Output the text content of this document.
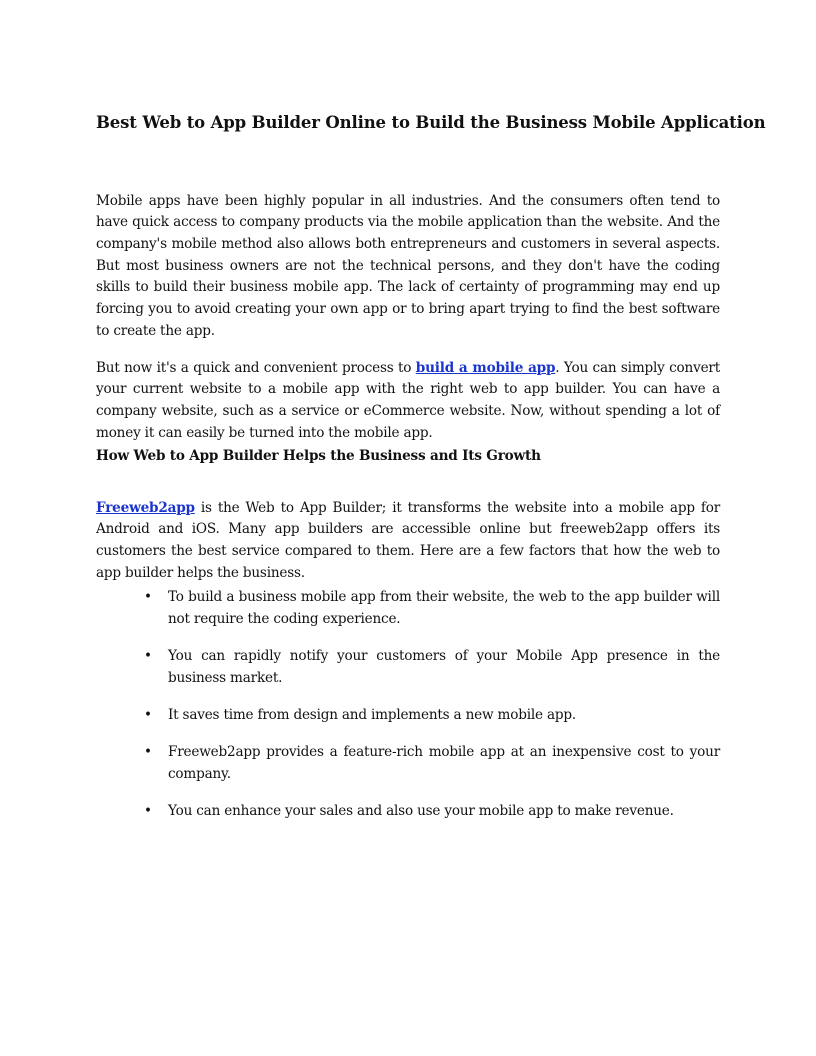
Best Web to App Builder Online to Build the Business Mobile Application

Mobile apps have been highly popular in all industries. And the consumers often tend to have quick access to company products via the mobile application than the website. And the company's mobile method also allows both entrepreneurs and customers in several aspects. But most business owners are not the technical persons, and they don't have the coding skills to build their business mobile app. The lack of certainty of programming may end up forcing you to avoid creating your own app or to bring apart trying to find the best software to create the app.

But now it's a quick and convenient process to build a mobile app. You can simply convert your current website to a mobile app with the right web to app builder. You can have a company website, such as a service or eCommerce website. Now, without spending a lot of money it can easily be turned into the mobile app.

How Web to App Builder Helps the Business and Its Growth

Freeweb2app is the Web to App Builder; it transforms the website into a mobile app for Android and iOS. Many app builders are accessible online but freeweb2app offers its customers the best service compared to them. Here are a few factors that how the web to app builder helps the business.

• To build a business mobile app from their website, the web to the app builder will not require the coding experience.
• You can rapidly notify your customers of your Mobile App presence in the business market.
• It saves time from design and implements a new mobile app.
• Freeweb2app provides a feature-rich mobile app at an inexpensive cost to your company.
• You can enhance your sales and also use your mobile app to make revenue.
